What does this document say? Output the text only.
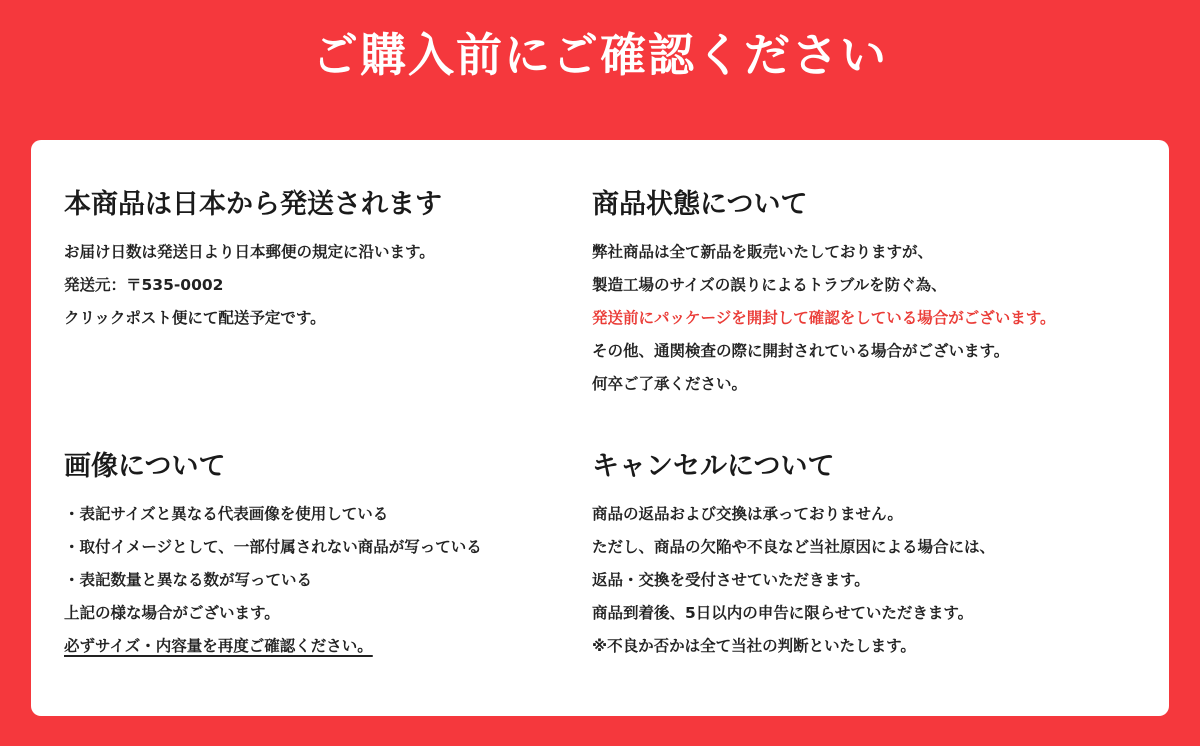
ご購入前にご確認ください
本商品は日本から発送されます
お届け日数は発送日より日本郵便の規定に沿います。
発送元：〒535-0002
クリックポスト便にて配送予定です。
商品状態について
弊社商品は全て新品を販売いたしておりますが、
製造工場のサイズの誤りによるトラブルを防ぐ為、
発送前にパッケージを開封して確認をしている場合がございます。
その他、通関検査の際に開封されている場合がございます。
何卒ご了承ください。
画像について
・表記サイズと異なる代表画像を使用している
・取付イメージとして、一部付属されない商品が写っている
・表記数量と異なる数が写っている
上記の様な場合がございます。
必ずサイズ・内容量を再度ご確認ください。
キャンセルについて
商品の返品および交換は承っておりません。
ただし、商品の欠陥や不良など当社原因による場合には、
返品・交換を受付させていただきます。
商品到着後、5日以内の申告に限らせていただきます。
※不良か否かは全て当社の判断といたします。
